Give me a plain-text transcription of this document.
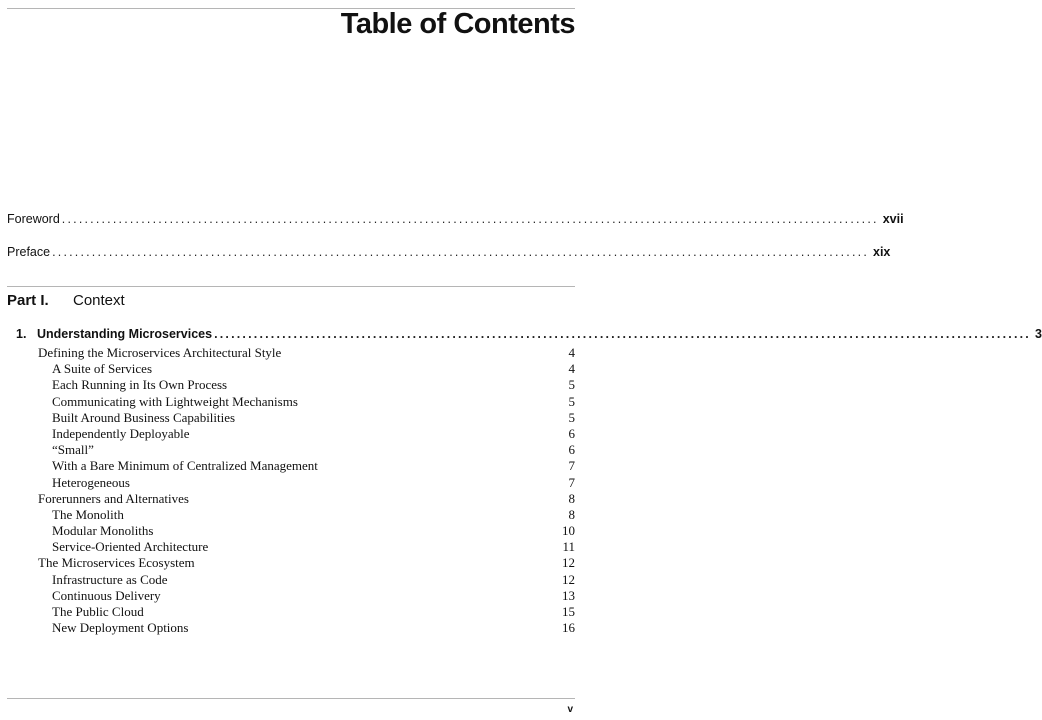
Table of Contents
Foreword ................................................................................................................................................ xvii
Preface ................................................................................................................................................ xix
Part I. Context
1. Understanding Microservices ................................................................................................................................................ 3
Defining the Microservices Architectural Style	4
A Suite of Services	4
Each Running in Its Own Process	5
Communicating with Lightweight Mechanisms	5
Built Around Business Capabilities	5
Independently Deployable	6
“Small”	6
With a Bare Minimum of Centralized Management	7
Heterogeneous	7
Forerunners and Alternatives	8
The Monolith	8
Modular Monoliths	10
Service-Oriented Architecture	11
The Microservices Ecosystem	12
Infrastructure as Code	12
Continuous Delivery	13
The Public Cloud	15
New Deployment Options	16
v
